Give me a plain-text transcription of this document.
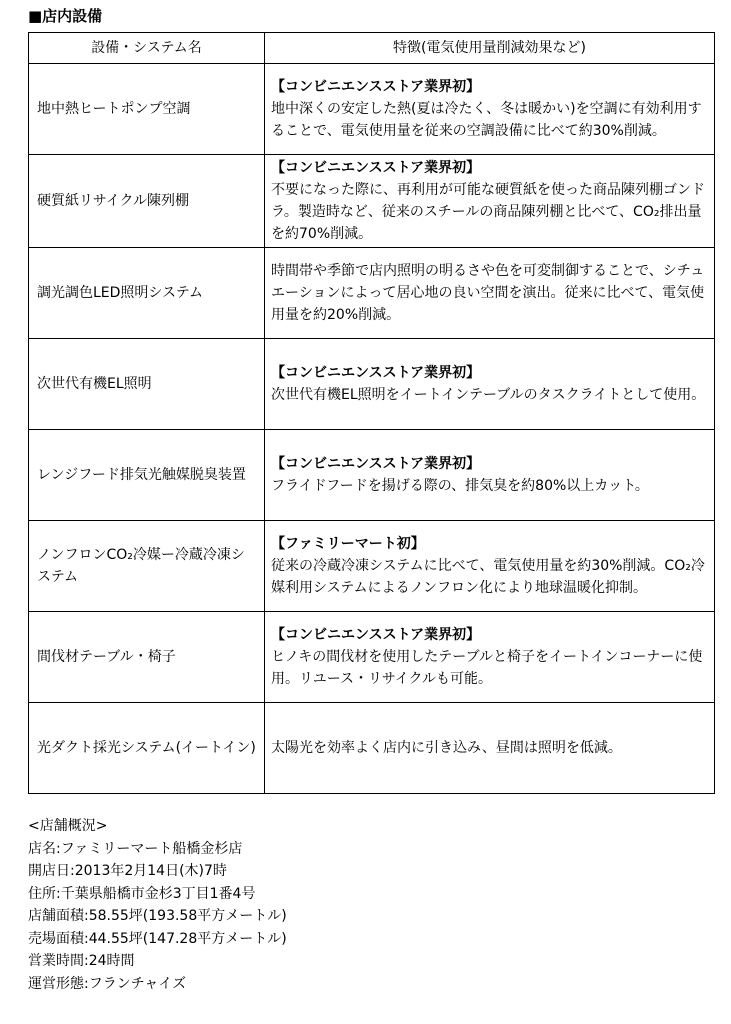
■店内設備
設備・システム名	特徴(電気使用量削減効果など)
地中熱ヒートポンプ空調	【コンビニエンスストア業界初】
地中深くの安定した熱(夏は冷たく、冬は暖かい)を空調に有効利用することで、電気使用量を従来の空調設備に比べて約30%削減。

硬質紙リサイクル陳列棚	【コンビニエンスストア業界初】
不要になった際に、再利用が可能な硬質紙を使った商品陳列棚ゴンドラ。製造時など、従来のスチールの商品陳列棚と比べて、CO₂排出量を約70%削減。

調光調色LED照明システム	時間帯や季節で店内照明の明るさや色を可変制御することで、シチュエーションによって居心地の良い空間を演出。従来に比べて、電気使用量を約20%削減。

次世代有機EL照明	【コンビニエンスストア業界初】
次世代有機EL照明をイートインテーブルのタスクライトとして使用。

レンジフード排気光触媒脱臭装置	【コンビニエンスストア業界初】
フライドフードを揚げる際の、排気臭を約80%以上カット。

ノンフロンCO₂冷媒ー冷蔵冷凍システム	【ファミリーマート初】
従来の冷蔵冷凍システムに比べて、電気使用量を約30%削減。CO₂冷媒利用システムによるノンフロン化により地球温暖化抑制。

間伐材テーブル・椅子	【コンビニエンスストア業界初】
ヒノキの間伐材を使用したテーブルと椅子をイートインコーナーに使用。リユース・リサイクルも可能。

光ダクト採光システム(イートイン)	太陽光を効率よく店内に引き込み、昼間は照明を低減。
<店舗概況>
店名:ファミリーマート船橋金杉店
開店日:2013年2月14日(木)7時
住所:千葉県船橋市金杉3丁目1番4号
店舗面積:58.55坪(193.58平方メートル)
売場面積:44.55坪(147.28平方メートル)
営業時間:24時間
運営形態:フランチャイズ
